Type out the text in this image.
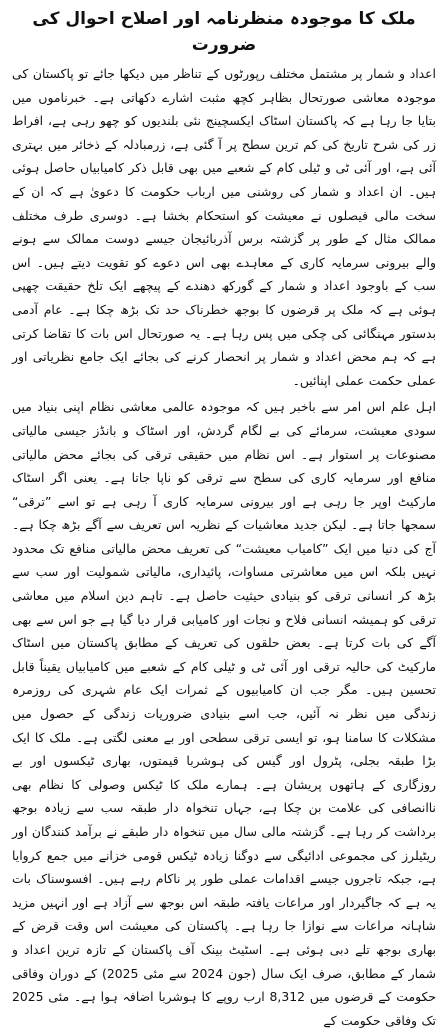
ملک کا موجودہ منظرنامہ اور اصلاح احوال کی ضرورت

اعداد و شمار پر مشتمل مختلف رپورٹوں کے تناظر میں دیکھا جائے تو پاکستان کی موجودہ معاشی صورتحال بظاہر کچھ مثبت اشارے دکھاتی ہے۔ خبرناموں میں بتایا جا رہا ہے کہ پاکستان اسٹاک ایکسچینج نئی بلندیوں کو چھو رہی ہے، افراط زر کی شرح تاریخ کی کم ترین سطح پر آ گئی ہے، زرمبادلہ کے ذخائر میں بہتری آئی ہے، اور آئی ٹی و ٹیلی کام کے شعبے میں بھی قابل ذکر کامیابیاں حاصل ہوئی ہیں۔ ان اعداد و شمار کی روشنی میں ارباب حکومت کا دعویٰ ہے کہ ان کے سخت مالی فیصلوں نے معیشت کو استحکام بخشا ہے۔ دوسری طرف مختلف ممالک مثال کے طور پر گزشتہ برس آذربائیجان جیسے دوست ممالک سے ہونے والے بیرونی سرمایہ کاری کے معاہدے بھی اس دعوے کو تقویت دیتے ہیں۔ اس سب کے باوجود اعداد و شمار کے گورکھ دھندے کے پیچھے ایک تلخ حقیقت چھپی ہوئی ہے کہ ملک پر قرضوں کا بوجھ خطرناک حد تک بڑھ چکا ہے۔ عام آدمی بدستور مہنگائی کی چکی میں پس رہا ہے۔ یہ صورتحال اس بات کا تقاضا کرتی ہے کہ ہم محض اعداد و شمار پر انحصار کرنے کی بجائے ایک جامع نظریاتی اور عملی حکمت عملی اپنائیں۔

اہل علم اس امر سے باخبر ہیں کہ موجودہ عالمی معاشی نظام اپنی بنیاد میں سودی معیشت، سرمائے کی بے لگام گردش، اور اسٹاک و بانڈز جیسی مالیاتی مصنوعات پر استوار ہے۔ اس نظام میں حقیقی ترقی کی بجائے محض مالیاتی منافع اور سرمایہ کاری کی سطح سے ترقی کو ناپا جاتا ہے۔ یعنی اگر اسٹاک مارکیٹ اوپر جا رہی ہے اور بیرونی سرمایہ کاری آ رہی ہے تو اسے ”ترقی“ سمجھا جاتا ہے۔ لیکن جدید معاشیات کے نظریہ اس تعریف سے آگے بڑھ چکا ہے۔ آج کی دنیا میں ایک ”کامیاب معیشت“ کی تعریف محض مالیاتی منافع تک محدود نہیں بلکہ اس میں معاشرتی مساوات، پائیداری، مالیاتی شمولیت اور سب سے بڑھ کر انسانی ترقی کو بنیادی حیثیت حاصل ہے۔ تاہم دین اسلام میں معاشی ترقی کو ہمیشہ انسانی فلاح و نجات اور کامیابی قرار دیا گیا ہے جو اس سے بھی آگے کی بات کرتا ہے۔ بعض حلقوں کی تعریف کے مطابق پاکستان میں اسٹاک مارکیٹ کی حالیہ ترقی اور آئی ٹی و ٹیلی کام کے شعبے میں کامیابیاں یقیناً قابل تحسین ہیں۔ مگر جب ان کامیابیوں کے ثمرات ایک عام شہری کی روزمرہ زندگی میں نظر نہ آئیں، جب اسے بنیادی ضروریات زندگی کے حصول میں مشکلات کا سامنا ہو، تو ایسی ترقی سطحی اور بے معنی لگتی ہے۔ ملک کا ایک بڑا طبقہ بجلی، پٹرول اور گیس کی ہوشربا قیمتوں، بھاری ٹیکسوں اور بے روزگاری کے ہاتھوں پریشان ہے۔ ہمارے ملک کا ٹیکس وصولی کا نظام بھی ناانصافی کی علامت بن چکا ہے، جہاں تنخواہ دار طبقہ سب سے زیادہ بوجھ برداشت کر رہا ہے۔ گزشتہ مالی سال میں تنخواہ دار طبقے نے برآمد کنندگان اور ریٹیلرز کی مجموعی ادائیگی سے دوگنا زیادہ ٹیکس قومی خزانے میں جمع کروایا ہے، جبکہ تاجروں جیسے اقدامات عملی طور پر ناکام رہے ہیں۔ افسوسناک بات یہ ہے کہ جاگیردار اور مراعات یافتہ طبقہ اس بوجھ سے آزاد ہے اور انہیں مزید شاہانہ مراعات سے نوازا جا رہا ہے۔ پاکستان کی معیشت اس وقت قرض کے بھاری بوجھ تلے دبی ہوئی ہے۔ اسٹیٹ بینک آف پاکستان کے تازہ ترین اعداد و شمار کے مطابق، صرف ایک سال (جون 2024 سے مئی 2025) کے دوران وفاقی حکومت کے قرضوں میں 8,312 ارب روپے کا ہوشربا اضافہ ہوا ہے۔ مئی 2025 تک وفاقی حکومت کے
